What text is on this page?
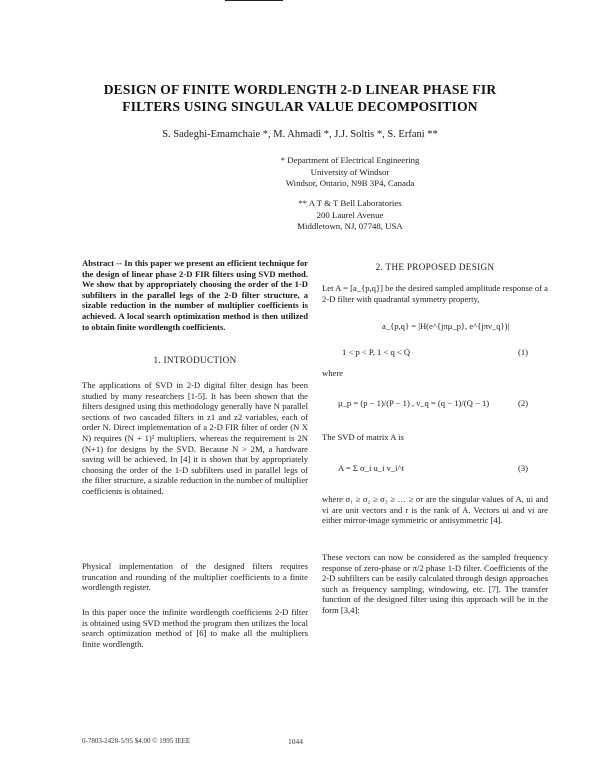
DESIGN OF FINITE WORDLENGTH 2-D LINEAR PHASE FIR
FILTERS USING SINGULAR VALUE DECOMPOSITION
S. Sadeghi-Emamchaie *, M. Ahmadi *, J.J. Soltis *, S. Erfani **
* Department of Electrical Engineering
University of Windsor
Windsor, Ontario, N9B 3P4, Canada
** A T & T Bell Laboratories
200 Laurel Avenue
Middletown, NJ, 07748, USA
Abstract -- In this paper we present an efficient technique for the design of linear phase 2-D FIR filters using SVD method. We show that by appropriately choosing the order of the 1-D subfilters in the parallel legs of the 2-D filter structure, a sizable reduction in the number of multiplier coefficients is achieved. A local search optimization method is then utilized to obtain finite wordlength coefficients.
1. INTRODUCTION
The applications of SVD in 2-D digital filter design has been studied by many researchers [1-5]. It has been shown that the filters designed using this methodology generally have N parallel sections of two cascaded filters in z1 and z2 variables, each of order N. Direct implementation of a 2-D FIR filter of order (N X N) requires (N + 1)² multipliers, whereas the requirement is 2N (N+1) for designs by the SVD. Because N > 2M, a hardware saving will be achieved. In [4] it is shown that by appropriately choosing the order of the 1-D subfilters used in parallel legs of the filter structure, a sizable reduction in the number of multiplier coefficients is obtained.
Physical implementation of the designed filters requires truncation and rounding of the multiplier coefficients to a finite wordlength register.
In this paper once the infinite wordlength coefficients 2-D filter is obtained using SVD method the program then utilizes the local search optimization method of [6] to make all the multipliers finite wordlength.
2. THE PROPOSED DESIGN
Let A = [a_{p,q}] be the desired sampled amplitude response of a 2-D filter with quadrantal symmetry property,
a_{p,q} = |H(e^{jπμ_p}, e^{jπν_q})|
1 < p < P, 1 < q < Q	(1)
where
μ_p = (p − 1)/(P − 1) , ν_q = (q − 1)/(Q − 1)	(2)
The SVD of matrix A is
A = Σ σ_i u_i v_i^t	(3)
where σ₁ ≥ σ₂ ≥ σ₃ ≥ … ≥ σr are the singular values of A, ui and vi are unit vectors and r is the rank of A. Vectors ui and vi are either mirror-image symmetric or antisymmetric [4].
These vectors can now be considered as the sampled frequency response of zero-phase or π/2 phase 1-D filter. Coefficients of the 2-D subfilters can be easily calculated through design approaches such as frequency sampling, windowing, etc. [7]. The transfer function of the designed filter using this approach will be in the form [3,4]:
0-7803-2428-5/95 $4.00 © 1995 IEEE	1044
